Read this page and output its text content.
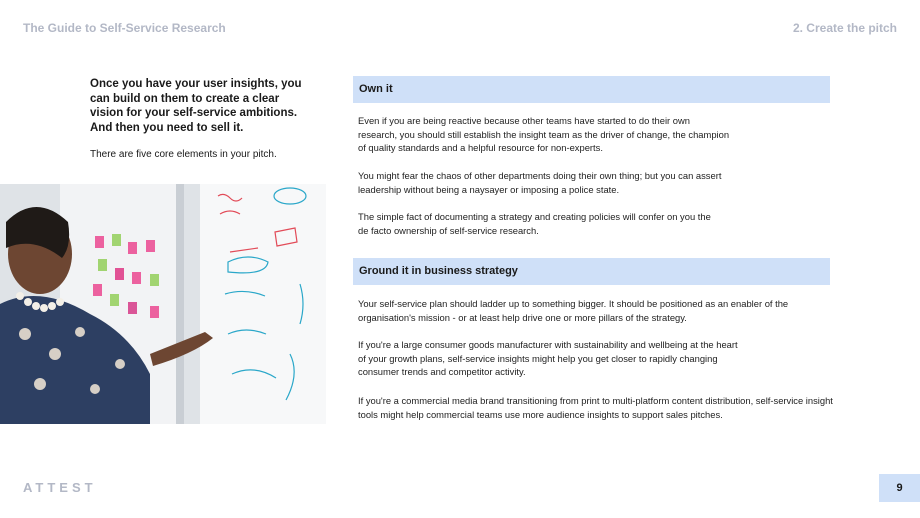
The Guide to Self-Service Research	2. Create the pitch

Once you have your user insights, you can build on them to create a clear vision for your self-service ambitions. And then you need to sell it.

There are five core elements in your pitch.

Own it

Even if you are being reactive because other teams have started to do their own research, you should still establish the insight team as the driver of change, the champion of quality standards and a helpful resource for non-experts.

You might fear the chaos of other departments doing their own thing; but you can assert leadership without being a naysayer or imposing a police state.

The simple fact of documenting a strategy and creating policies will confer on you the de facto ownership of self-service research.

Ground it in business strategy

Your self-service plan should ladder up to something bigger. It should be positioned as an enabler of the organisation's mission - or at least help drive one or more pillars of the strategy.

If you're a large consumer goods manufacturer with sustainability and wellbeing at the heart of your growth plans, self-service insights might help you get closer to rapidly changing consumer trends and competitor activity.

If you're a commercial media brand transitioning from print to multi-platform content distribution, self-service insight tools might help commercial teams use more audience insights to support sales pitches.

ATTEST	9
